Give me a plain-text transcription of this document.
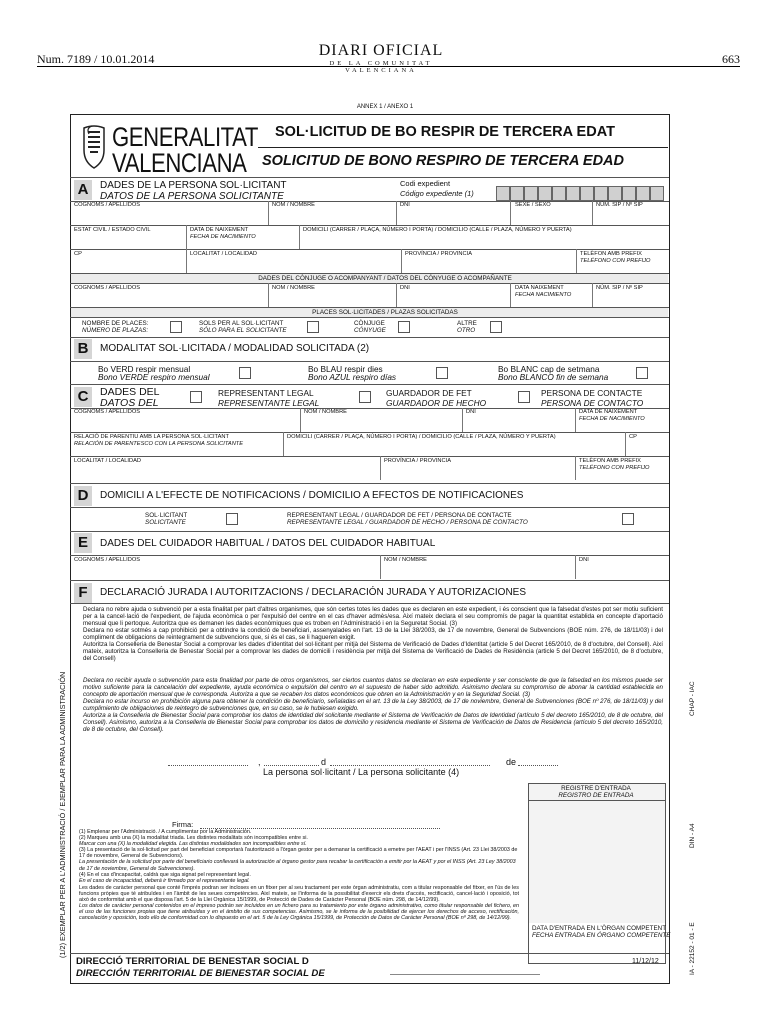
Num. 7189 / 10.01.2014	DIARI OFICIAL
DE LA COMUNITAT VALENCIANA
663
ANNEX 1 / ANEXO 1
GENERALITAT
VALENCIANA
SOL·LICITUD DE BO RESPIR DE TERCERA EDAT
SOLICITUD DE BONO RESPIRO DE TERCERA EDAD
A	DADES DE LA PERSONA SOL·LICITANT
DATOS DE LA PERSONA SOLICITANTE
Codi expedient
Código expediente (1)
COGNOMS / APELLIDOS	NOM / NOMBRE	DNI	SEXE / SEXO	NÚM. SIP / Nº SIP
ESTAT CIVIL / ESTADO CIVIL	DATA DE NAIXEMENT
FECHA DE NACIMIENTO
DOMICILI (CARRER / PLAÇA, NÚMERO I PORTA) / DOMICILIO (CALLE / PLAZA, NÚMERO Y PUERTA)
CP	LOCALITAT / LOCALIDAD	PROVÍNCIA / PROVINCIA	TELÈFON AMB PREFIX
TELÉFONO CON PREFIJO
DADES DEL CÒNJUGE O ACOMPANYANT / DATOS DEL CÓNYUGE O ACOMPAÑANTE
COGNOMS / APELLIDOS	NOM / NOMBRE	DNI	DATA NAIXEMENT
FECHA NACIMIENTO
NÚM. SIP / Nº SIP
PLACES SOL·LICITADES / PLAZAS SOLICITADAS
NOMBRE DE PLACES:
NÚMERO DE PLAZAS:
SOLS PER AL SOL·LICITANT
SÓLO PARA EL SOLICITANTE
CÒNJUGE
CÓNYUGE
ALTRE
OTRO
B	MODALITAT SOL·LICITADA / MODALIDAD SOLICITADA (2)
Bo VERD respir mensual
Bono VERDE respiro mensual
Bo BLAU respir dies
Bono AZUL respiro días
Bo BLANC cap de setmana
Bono BLANCO fin de semana
C	DADES DEL
DATOS DEL
REPRESENTANT LEGAL
REPRESENTANTE LEGAL
GUARDADOR DE FET
GUARDADOR DE HECHO
PERSONA DE CONTACTE
PERSONA DE CONTACTO
COGNOMS / APELLIDOS	NOM / NOMBRE	DNI	DATA DE NAIXEMENT
FECHA DE NACIMIENTO
RELACIÓ DE PARENTIU AMB LA PERSONA SOL·LICITANT
RELACIÓN DE PARENTESCO CON LA PERSONA SOLICITANTE
DOMICILI (CARRER / PLAÇA, NÚMERO I PORTA) / DOMICILIO (CALLE / PLAZA, NÚMERO Y PUERTA)	CP
LOCALITAT / LOCALIDAD	PROVÍNCIA / PROVINCIA	TELÈFON AMB PREFIX
TELÉFONO CON PREFIJO
D	DOMICILI A L'EFECTE DE NOTIFICACIONS / DOMICILIO A EFECTOS DE NOTIFICACIONES
SOL·LICITANT
SOLICITANTE
REPRESENTANT LEGAL / GUARDADOR DE FET / PERSONA DE CONTACTE
REPRESENTANTE LEGAL / GUARDADOR DE HECHO / PERSONA DE CONTACTO
E	DADES DEL CUIDADOR HABITUAL / DATOS DEL CUIDADOR HABITUAL
COGNOMS / APELLIDOS	NOM / NOMBRE	DNI
F	DECLARACIÓ JURADA I AUTORITZACIONS / DECLARACIÓN JURADA Y AUTORIZACIONES
Declara no rebre ajuda o subvenció per a esta finalitat per part d'altres organismes, que són certes totes les dades que es declaren en este expedient, i és conscient que la falsedat d'estes pot ser motiu suficient per a la cancel·lació de l'expedient, de l'ajuda econòmica o per l'expulsió del centre en el cas d'haver admès/esa. Així mateix declara el seu compromís de pagar la quantitat establida en concepte d'aportació mensual que li pertoque. Autoritza que es demanen les dades econòmiques que es troben en l'Administració i en la Seguretat Social. (3)
Declara no estar sotmés a cap prohibició per a obtindre la condició de beneficiari, assenyalades en l'art. 13 de la Llei 38/2003, de 17 de novembre, General de Subvencions (BOE núm. 276, de 18/11/03) i del compliment de obligacions de reintegrament de subvencions que, si és el cas, se li hagueren exigit.
Autoritza la Conselleria de Benestar Social a comprovar les dades d'identitat del sol·licitant per mitjà del Sistema de Verificació de Dades d'Identitat (article 5 del Decret 165/2010, de 8 d'octubre, del Consell). Així mateix, autoritza la Conselleria de Benestar Social per a comprovar les dades de domicili i residència per mitjà del Sistema de Verificació de Dades de Residència (article 5 del Decret 165/2010, de 8 d'octubre, del Consell)
Declara no recibir ayuda o subvención para esta finalidad por parte de otros organismos, ser ciertos cuantos datos se declaran en este expediente y ser consciente de que la falsedad en los mismos puede ser motivo suficiente para la cancelación del expediente, ayuda económica o expulsión del centro en el supuesto de haber sido admitido. Asimismo declara su compromiso de abonar la cantidad establecida en concepto de aportación mensual que le corresponda. Autoriza a que se recaben los datos económicos que obren en la Administración y en la Seguridad Social. (3)
Declara no estar incurso en prohibición alguna para obtener la condición de beneficiario, señaladas en el art. 13 de la Ley 38/2003, de 17 de noviembre, General de Subvenciones (BOE nº 276, de 18/11/03) y del cumplimiento de obligaciones de reintegro de subvenciones que, en su caso, se le hubiesen exigido.
Autoriza a la Conselleria de Bienestar Social para comprobar los datos de identidad del solicitante mediante el Sistema de Verificación de Datos de Identidad (artículo 5 del decreto 165/2010, de 8 de octubre, del Consell). Asimismo, autoriza a la Conselleria de Bienestar Social para comprobar los datos de domicilio y residencia mediante el Sistema de Verificación de Datos de Residencia (artículo 5 del decreto 165/2010, de 8 de octubre, del Consell).
,	d	de
La persona sol·licitant / La persona solicitante (4)
REGISTRE D'ENTRADA
REGISTRO DE ENTRADA
Firma:
(1) Emplenar per l'Administració. / A cumplimentar por la Administración.
(2) Marqueu amb una (X) la modalitat triada. Les distintes modalitats són incompatibles entre si.
Marcar con una (X) la modalidad elegida. Las distintas modalidades son incompatibles entre sí.
(3) La presentació de la sol·licitud per part del beneficiari comportarà l'autorització a l'òrgan gestor per a demanar la certificació a emetre per l'AEAT i per l'INSS (Art. 23 Llei 38/2003 de 17 de novembre, General de Subvencions).
La presentación de la solicitud por parte del beneficiario conllevará la autorización al órgano gestor para recabar la certificación a emitir por la AEAT y por el INSS (Art. 23 Ley 38/2003 de 17 de noviembre, General de Subvenciones).
(4) En el cas d'incapacitat, caldrà que siga signat pel representant legal.
En el caso de incapacidad, deberá ir firmado por el representante legal.
Les dades de caràcter personal que conté l'imprés podran ser incloses en un fitxer per al seu tractament per este òrgan administratiu, com a titular responsable del fitxer, en l'ús de les funcions pròpies que té atribuïdes i en l'àmbit de les seues competències. Així mateix, se l'informa de la possibilitat d'exercir els drets d'accés, rectificació, cancel·lació i oposició, tot això de conformitat amb el que disposa l'art. 5 de la Llei Orgànica 15/1999, de Protecció de Dades de Caràcter Personal (BOE núm. 298, de 14/12/99).
Los datos de carácter personal contenidos en el impreso podrán ser incluidos en un fichero para su tratamiento por este órgano administrativo, como titular responsable del fichero, en el uso de las funciones propias que tiene atribuidas y en el ámbito de sus competencias. Asimismo, se le informa de la posibilidad de ejercer los derechos de acceso, rectificación, cancelación y oposición, todo ello de conformidad con lo dispuesto en el art. 5 de la Ley Orgánica 15/1999, de Protección de Datos de Carácter Personal (BOE nº 298, de 14/12/99).
DATA D'ENTRADA EN L'ÒRGAN COMPETENT
FECHA ENTRADA EN ÓRGANO COMPETENTE
DIRECCIÓ TERRITORIAL DE BENESTAR SOCIAL D
DIRECCIÓN TERRITORIAL DE BIENESTAR SOCIAL DE
11/12/12
(1/2) EXEMPLAR PER A L'ADMINISTRACIÓ / EJEMPLAR PARA LA ADMINISTRACIÓN	CHAP - IAC
DIN - A4
IA - 22152 - 01 - E
